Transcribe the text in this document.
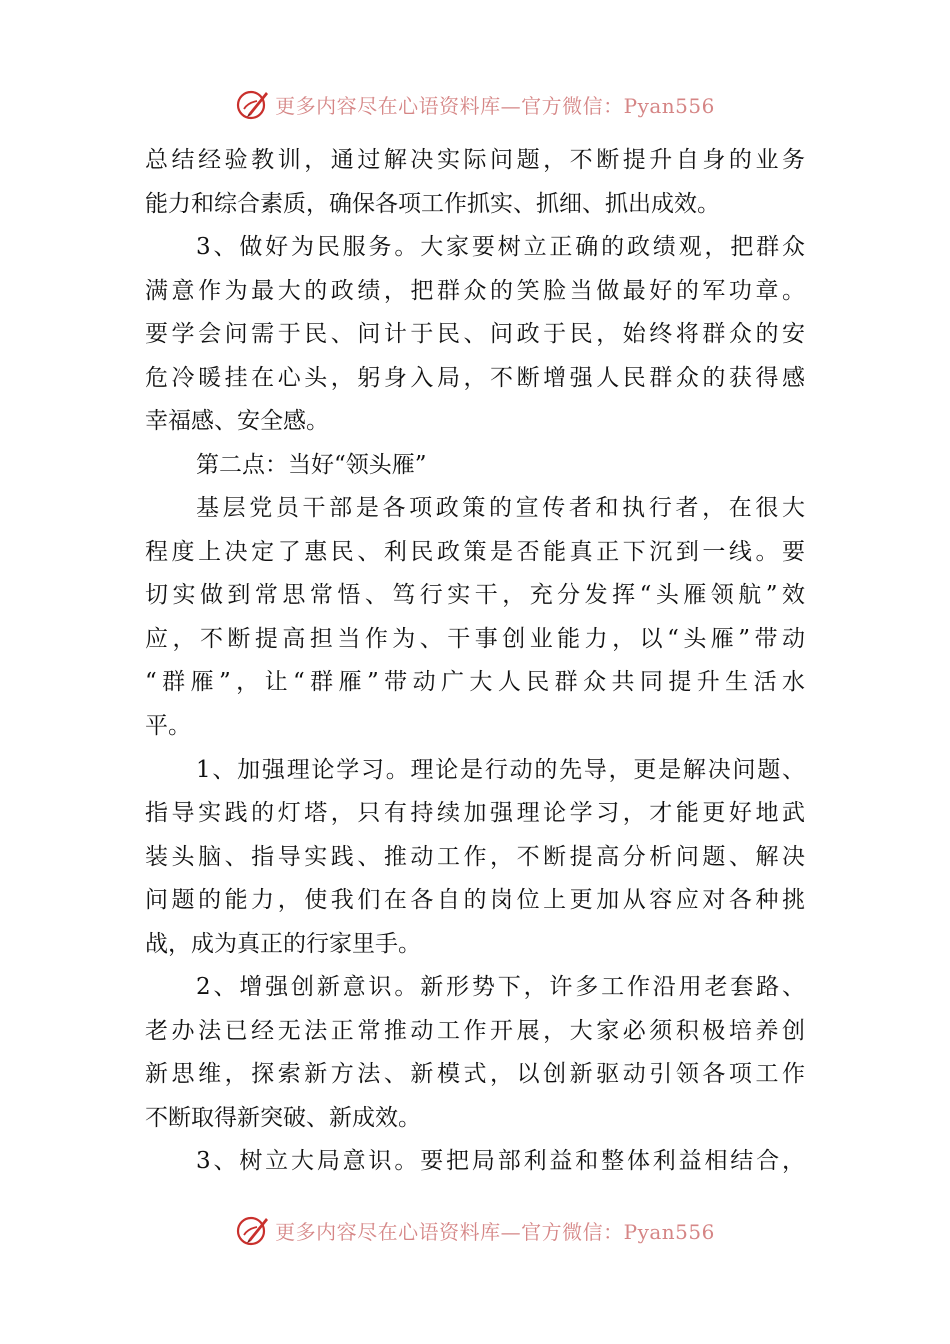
更多内容尽在心语资料库—官方微信：Pyan556
总结经验教训，通过解决实际问题，不断提升自身的业务
能力和综合素质，确保各项工作抓实、抓细、抓出成效。
3、做好为民服务。大家要树立正确的政绩观，把群众
满意作为最大的政绩，把群众的笑脸当做最好的军功章。
要学会问需于民、问计于民、问政于民，始终将群众的安
危冷暖挂在心头，躬身入局，不断增强人民群众的获得感
幸福感、安全感。
第二点：当好“领头雁”
基层党员干部是各项政策的宣传者和执行者，在很大
程度上决定了惠民、利民政策是否能真正下沉到一线。要
切实做到常思常悟、笃行实干，充分发挥“头雁领航”效
应，不断提高担当作为、干事创业能力，以“头雁”带动
“群雁”，让“群雁”带动广大人民群众共同提升生活水
平。
1、加强理论学习。理论是行动的先导，更是解决问题、
指导实践的灯塔，只有持续加强理论学习，才能更好地武
装头脑、指导实践、推动工作，不断提高分析问题、解决
问题的能力，使我们在各自的岗位上更加从容应对各种挑
战，成为真正的行家里手。
2、增强创新意识。新形势下，许多工作沿用老套路、
老办法已经无法正常推动工作开展，大家必须积极培养创
新思维，探索新方法、新模式，以创新驱动引领各项工作
不断取得新突破、新成效。
3、树立大局意识。要把局部利益和整体利益相结合，
更多内容尽在心语资料库—官方微信：Pyan556
